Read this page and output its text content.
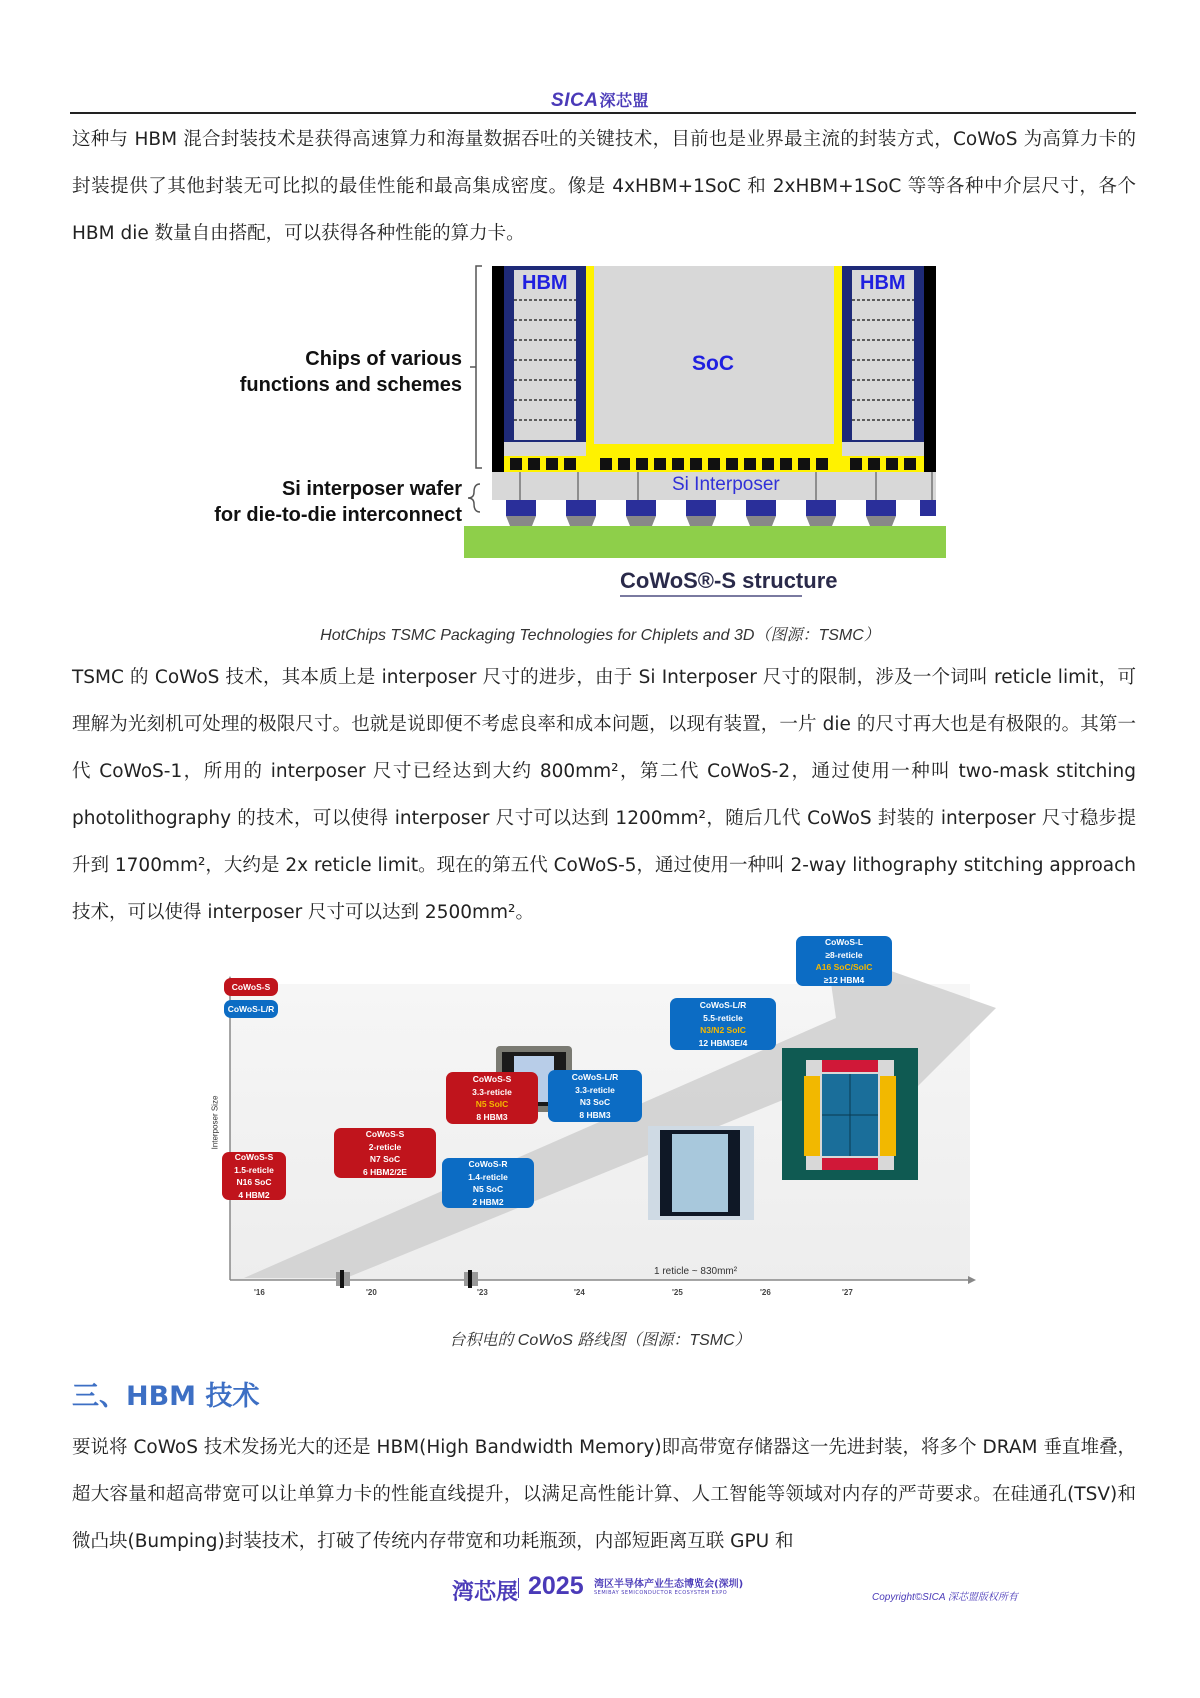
SICA深芯盟

这种与 HBM 混合封装技术是获得高速算力和海量数据吞吐的关键技术，目前也是业界最主流的封装方式，CoWoS 为高算力卡的封装提供了其他封装无可比拟的最佳性能和最高集成密度。像是 4xHBM+1SoC 和 2xHBM+1SoC 等等各种中介层尺寸，各个 HBM die 数量自由搭配，可以获得各种性能的算力卡。

Chips of various
functions and schemes
Si interposer wafer
for die-to-die interconnect
HBM	HBM
SoC
Si Interposer
CoWoS®-S structure
HotChips TSMC Packaging Technologies for Chiplets and 3D（图源：TSMC）

TSMC 的 CoWoS 技术，其本质上是 interposer 尺寸的进步，由于 Si Interposer 尺寸的限制，涉及一个词叫 reticle limit，可理解为光刻机可处理的极限尺寸。也就是说即便不考虑良率和成本问题，以现有装置，一片 die 的尺寸再大也是有极限的。其第一代 CoWoS-1，所用的 interposer 尺寸已经达到大约 800mm²，第二代 CoWoS-2，通过使用一种叫 two-mask stitching photolithography 的技术，可以使得 interposer 尺寸可以达到 1200mm²，随后几代 CoWoS 封装的 interposer 尺寸稳步提升到 1700mm²，大约是 2x reticle limit。现在的第五代 CoWoS-5，通过使用一种叫 2-way lithography stitching approach 技术，可以使得 interposer 尺寸可以达到 2500mm²。

Interposer Size
CoWoS-S
CoWoS-L/R
CoWoS-S
1.5-reticle
N16 SoC
4 HBM2
CoWoS-S
2-reticle
N7 SoC
6 HBM2/2E
CoWoS-S
3.3-reticle
N5 SoIC
8 HBM3
CoWoS-R
1.4-reticle
N5 SoC
2 HBM2
CoWoS-L/R
3.3-reticle
N3 SoC
8 HBM3
CoWoS-L/R
5.5-reticle
N3/N2 SoIC
12 HBM3E/4
CoWoS-L
≥8-reticle
A16 SoC/SoIC
≥12 HBM4
1 reticle ~ 830mm²
'16	'20	'23	'24	'25	'26	'27
台积电的 CoWoS 路线图（图源：TSMC）
三、HBM 技术

要说将 CoWoS 技术发扬光大的还是 HBM(High Bandwidth Memory)即高带宽存储器这一先进封装，将多个 DRAM 垂直堆叠，超大容量和超高带宽可以让单算力卡的性能直线提升，以满足高性能计算、人工智能等领域对内存的严苛要求。在硅通孔(TSV)和微凸块(Bumping)封装技术，打破了传统内存带宽和功耗瓶颈，内部短距离互联 GPU 和

湾芯展 2025 湾区半导体产业生态博览会(深圳)
SEMIBAY SEMICONDUCTOR ECOSYSTEM EXPO	Copyright©SICA 深芯盟版权所有
